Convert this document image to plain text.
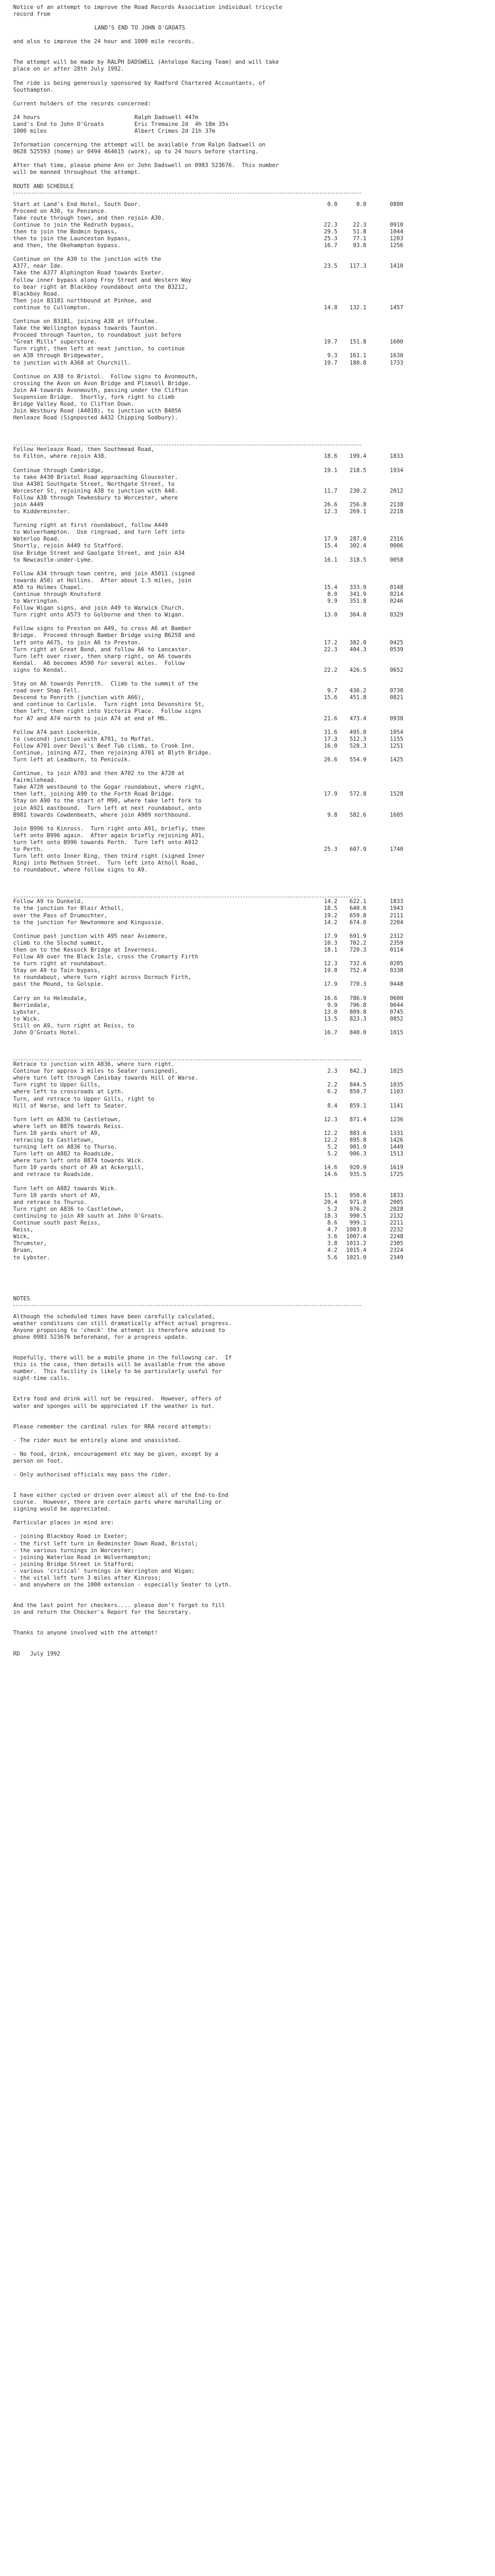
Notice of an attempt to improve the Road Records Association individual tricycle

record from

LAND'S END TO JOHN O'GROATS

and also to improve the 24 hour and 1000 mile records.

The attempt will be made by RALPH DADSWELL (Antelope Racing Team) and will take
place on or after 28th July 1992.

The ride is being generously sponsored by Radford Chartered Accountants, of
Southampton.

Current holders of the records concerned:

24 hours	Ralph Dadswell 447m
Land's End to John O'Groats	Eric Tremaine 2d  4h 18m 35s
1000 miles	Albert Crimes 2d 21h 37m

Information concerning the attempt will be available from Ralph Dadswell on
0628 525593 (home) or 0494 464615 (work), up to 24 hours before starting.

After that time, please phone Ann or John Dadswell on 0983 523676.  This number
will be manned throughout the attempt.

ROUTE AND SCHEDULE

Start at Land's End Hotel, South Door.	0.0	0.0	0800
Proceed on A30, to Penzance.
Take route through town, and then rejoin A30.
Continue to join the Redruth bypass,	22.3	22.3	0910
then to join the Bodmin bypass,	29.5	51.8	1044
then to join the Launceston bypass,	25.3	77.1	1203
and then, the Okehampton bypass.	16.7	93.8	1256
Continue on the A30 to the junction with the
A377, near Ide.	23.5	117.3	1410
Take the A377 Alphington Road towards Exeter.
Follow inner bypass along Froy Street and Western Way
to bear right at Blackboy roundabout onto the B3212,
Blackboy Road.
Then join B3181 northbound at Pinhoe, and
continue to Cullompton.	14.8	132.1	1457
Continue on B3181, joining A38 at Uffculme.
Take the Wellington bypass towards Taunton.
Proceed through Taunton, to roundabout just before
"Great Mills" superstore.	19.7	151.8	1600
Turn right, then left at next junction, to continue
on A38 through Bridgewater,	9.3	161.1	1630
to junction with A368 at Churchill.	19.7	180.8	1733
Continue on A38 to Bristol.  Follow signs to Avonmouth,
crossing the Avon on Avon Bridge and Plimsoll Bridge.
Join A4 towards Avonmouth, passing under the Clifton
Suspension Bridge.  Shortly, fork right to climb
Bridge Valley Road, to Clifton Down.
Join Westbury Road (A4018), to junction with B4056
Henleaze Road (Signposted A432 Chipping Sodbury).
Follow Henleaze Road, then Southmead Road,
to Filton, where rejoin A38.	18.6	199.4	1833
Continue through Cambridge,	19.1	218.5	1934
to take A430 Bristol Road approaching Gloucester.
Use A4301 Southgate Street, Northgate Street, to
Worcester St, rejoining A38 to junction with A40.	11.7	230.2	2012
Follow A38 through Tewkesbury to Worcester, where
join A449	26.6	256.8	2138
to Kidderminster.	12.3	269.1	2218
Turning right at first roundabout, follow A449
to Wolverhampton.  Use ringroad, and turn left into
Waterloo Road.	17.9	287.0	2316
Shortly, rejoin A449 to Stafford.	15.4	302.4	0006
Use Bridge Street and Gaolgate Street, and join A34
to Newcastle-under-Lyme.	16.1	318.5	0058
Follow A34 through town centre, and join A5011 (signed
towards A50) at Hollins.  After about 1.5 miles, join
A50 to Holmes Chapel.	15.4	333.9	0148
Continue through Knutsford	8.0	341.9	0214
to Warrington.	9.9	351.8	0246
Follow Wigan signs, and join A49 to Warwick Church.
Turn right onto A573 to Golborne and then to Wigan.	13.0	364.8	0329
Follow signs to Preston on A49, to cross A6 at Bamber
Bridge.  Proceed through Bamber Bridge using B6258 and
left onto A675, to join A6 to Preston.	17.2	382.0	0425
Turn right at Great Bond, and follow A6 to Lancaster.	22.3	404.3	0539
Turn left over river, then sharp right, on A6 towards
Kendal.  A6 becomes A590 for several miles.  Follow
signs to Kendal.	22.2	426.5	0652
Stay on A6 towards Penrith.  Climb to the summit of the
road over Shap Fell.	9.7	436.2	0730
Descend to Penrith (junction with A66),	15.6	451.8	0821
and continue to Carlisle.  Turn right into Devonshire St,
then left, then right into Victoria Place.  Follow signs
for A7 and A74 north to join A74 at end of M6.	21.6	473.4	0938
Follow A74 past Lockerbie,	31.6	495.0	1054
to (second) junction with A701, to Moffat.	17.3	512.3	1155
Follow A701 over Devil's Beef Tub climb, to Crook Inn.	16.0	528.3	1251
Continue, joining A72, then rejoining A701 at Blyth Bridge.
Turn left at Leadburn, to Penicuik.	26.6	554.9	1425
Continue, to join A703 and then A702 to the A720 at
Fairmilehead.
Take A720 westbound to the Gogar roundabout, where right,
then left, joining A90 to the Forth Road Bridge.	17.9	572.8	1528
Stay on A90 to the start of M90, where take left fork to
join A921 eastbound.  Turn left at next roundabout, onto
B981 towards Cowdenbeath, where join A909 northbound.	9.8	582.6	1605
Join B996 to Kinross.  Turn right onto A91, briefly, then
left onto B996 again.  After again briefly rejoining A91,
turn left onto B996 towards Perth.  Turn left onto A912
to Perth.	25.3	607.9	1740
Turn left onto Inner Ring, then third right (signed Inner
Ring) into Methven Street.  Turn left into Atholl Road,
to roundabout, where follow signs to A9.
Follow A9 to Dunkeld,	14.2	622.1	1833
to the junction for Blair Atholl,	18.5	640.6	1943
over the Pass of Drumochter,	19.2	659.8	2111
to the junction for Newtonmore and Kingussie.	14.2	674.0	2204
Continue past junction with A95 near Aviemore,	17.9	691.9	2312
climb to the Slochd summit,	10.3	702.2	2359
then on to the Kessock Bridge at Inverness.	18.1	720.3	0114
Follow A9 over the Black Isle, cross the Cromarty Firth
to turn right at roundabout.	12.3	732.6	0205
Stay on A9 to Tain bypass,	19.8	752.4	0330
to roundabout, where turn right across Dornoch Firth,
past the Mound, to Golspie.	17.9	770.3	0448
Carry on to Helmsdale,	16.6	786.9	0600
Berriedale,	9.9	796.8	0644
Lybster,	13.0	809.8	0745
to Wick.	13.5	823.3	0852
Still on A9, turn right at Reiss, to
John O'Groats Hotel.	16.7	840.0	1015
Retrace to junction with A836, where turn right.
Continue for approx 3 miles to Seater (unsigned),	2.3	842.3	1025
where turn left through Canisbay towards Hill of Warse.
Turn right to Upper Gills,	2.2	844.5	1035
where left to crossroads at Lyth.	6.2	850.7	1103
Turn, and retrace to Upper Gills, right to
Hill of Warse, and left to Seater.	8.4	859.1	1141
Turn left on A836 to Castletown,	12.3	871.4	1236
where left on B876 towards Reiss.
Turn 10 yards short of A9,	12.2	883.6	1331
retracing to Castletown,	12.2	895.8	1426
turning left on A836 to Thurso.	5.2	901.0	1449
Turn left on A882 to Roadside,	5.2	906.3	1513
where turn left onto B874 towards Wick.
Turn 10 yards short of A9 at Ackergill,	14.6	920.9	1619
and retrace to Roadside.	14.6	935.5	1725
Turn left on A882 towards Wick.
Turn 10 yards short of A9,	15.1	950.6	1833
and retrace to Thurso.	20.4	971.0	2005
Turn right on A836 to Castletown,	5.2	976.2	2028
continuing to join A9 south at John O'Groats.	18.3	990.5	2132
Continue south past Reiss,	8.6	999.1	2211
Reiss,	4.7	1003.8	2232
Wick,	3.6	1007.4	2248
Thrumster,	3.8	1011.2	2305
Bruan,	4.2	1015.4	2324
to Lybster.	5.6	1021.0	2349

NOTES

Although the scheduled times have been carefully calculated,
weather conditions can still dramatically affect actual progress.
Anyone proposing to 'check' the attempt is therefore advised to
phone 0983 523676 beforehand, for a progress update.

Hopefully, there will be a mobile phone in the following car.  If
this is the case, then details will be available from the above
number.  This facility is likely to be particularly useful for
night-time calls.

Extra food and drink will not be required.  However, offers of
water and sponges will be appreciated if the weather is hot.

Please remember the cardinal rules for RRA record attempts:

- The rider must be entirely alone and unassisted.

- No food, drink, encouragement etc may be given, except by a
person on foot.

- Only authorised officials may pass the rider.

I have either cycled or driven over almost all of the End-to-End
course.  However, there are certain parts where marshalling or
signing would be appreciated.

Particular places in mind are:

- joining Blackboy Road in Exeter;

- the first left turn in Bedminster Down Road, Bristol;

- the various turnings in Worcester;

- joining Waterloo Road in Wolverhampton;

- joining Bridge Street in Stafford;

- various 'critical' turnings in Warrington and Wigan;

- the vital left turn 3 miles after Kinross;

- and anywhere on the 1000 extension - especially Seater to Lyth.

And the last point for checkers.... please don't forget to fill
in and return the Checker's Report for the Secretary.

Thanks to anyone involved with the attempt!

RD   July 1992
